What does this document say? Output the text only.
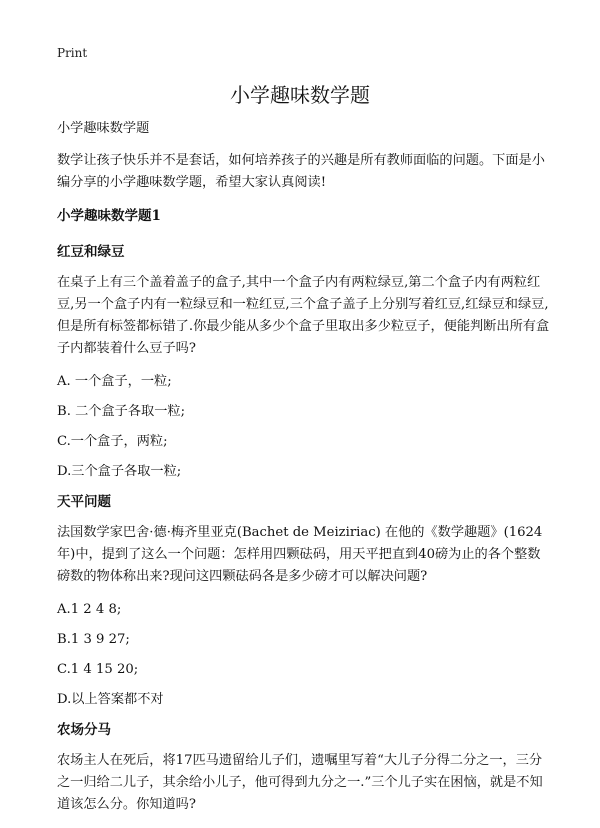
Print
小学趣味数学题

小学趣味数学题

数学让孩子快乐并不是套话，如何培养孩子的兴趣是所有教师面临的问题。下面是小编分享的小学趣味数学题，希望大家认真阅读!

小学趣味数学题1
红豆和绿豆

在桌子上有三个盖着盖子的盒子,其中一个盒子内有两粒绿豆,第二个盒子内有两粒红豆,另一个盒子内有一粒绿豆和一粒红豆,三个盒子盖子上分别写着红豆,红绿豆和绿豆,但是所有标签都标错了.你最少能从多少个盒子里取出多少粒豆子，便能判断出所有盒子内都装着什么豆子吗?

A. 一个盒子，一粒;

B. 二个盒子各取一粒;

C.一个盒子，两粒;

D.三个盒子各取一粒;

天平问题

法国数学家巴舍·德·梅齐里亚克(Bachet de Meiziriac) 在他的《数学趣题》(1624年)中，提到了这么一个问题：怎样用四颗砝码，用天平把直到40磅为止的各个整数磅数的物体称出来?现问这四颗砝码各是多少磅才可以解决问题?

A.1 2 4 8;

B.1 3 9 27;

C.1 4 15 20;

D.以上答案都不对

农场分马

农场主人在死后，将17匹马遗留给儿子们，遗嘱里写着“大儿子分得二分之一，三分之一归给二儿子，其余给小儿子，他可得到九分之一.”三个儿子实在困恼，就是不知道该怎么分。你知道吗?
